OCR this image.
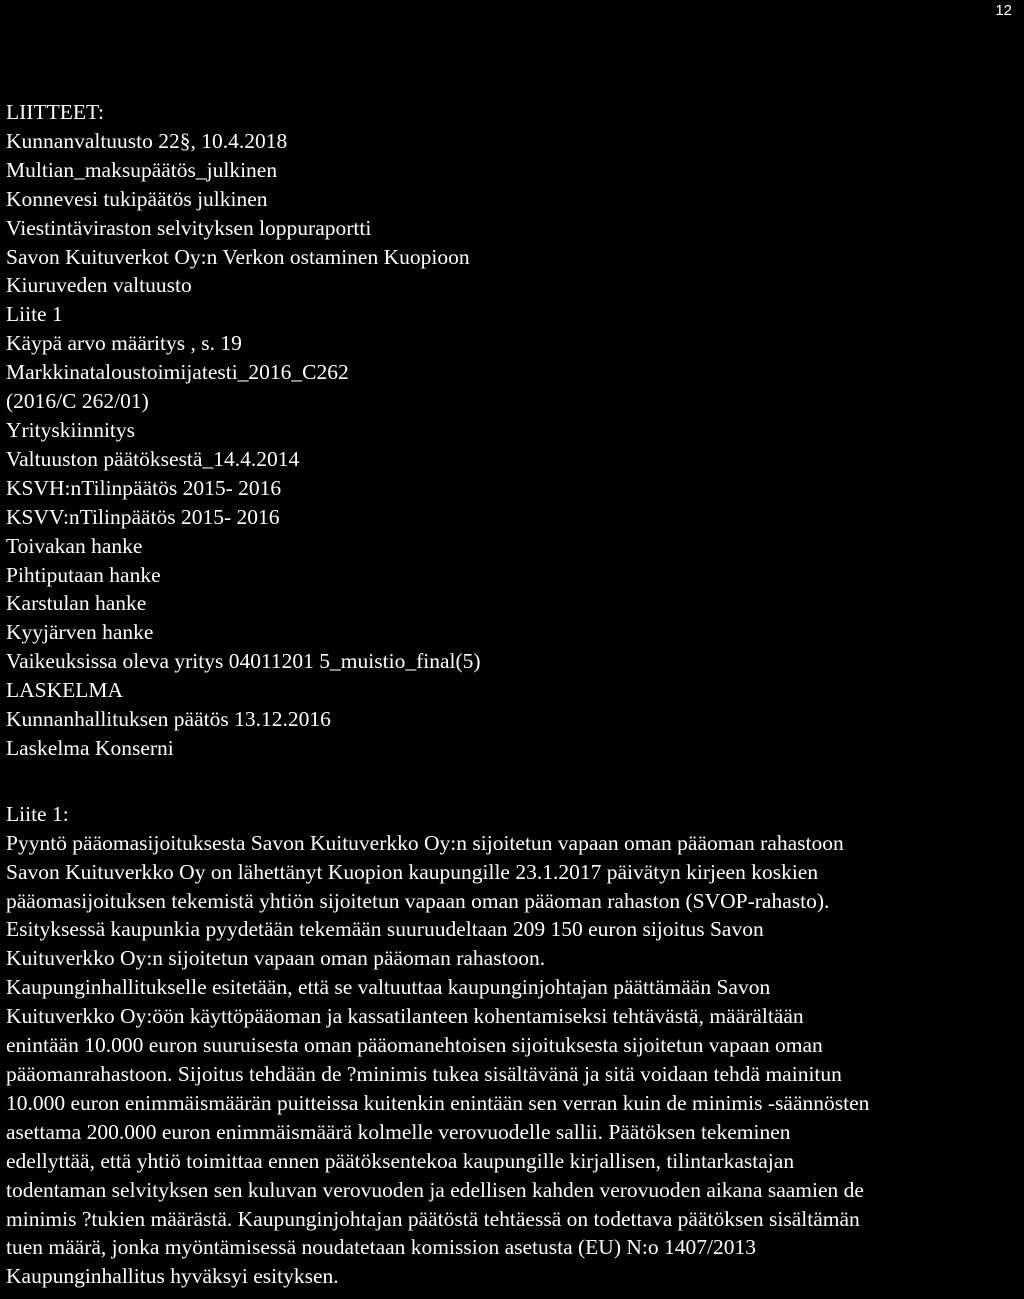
12
LIITTEET:
Kunnanvaltuusto 22§, 10.4.2018
Multian_maksupäätös_julkinen
Konnevesi tukipäätös julkinen
Viestintäviraston selvityksen loppuraportti
Savon Kuituverkot Oy:n Verkon ostaminen Kuopioon
Kiuruveden valtuusto
Liite 1
Käypä arvo määritys , s. 19
Markkinataloustoimijatesti_2016_C262
(2016/C 262/01)
Yrityskiinnitys
Valtuuston päätöksestä_14.4.2014
KSVH:nTilinpäätös 2015- 2016
KSVV:nTilinpäätös 2015- 2016
Toivakan hanke
Pihtiputaan hanke
Karstulan hanke
Kyyjärven hanke
Vaikeuksissa oleva yritys 04011201 5_muistio_final(5)
LASKELMA
Kunnanhallituksen päätös 13.12.2016
Laskelma Konserni
Liite 1:
Pyyntö pääomasijoituksesta Savon Kuituverkko Oy:n sijoitetun vapaan oman pääoman rahastoon
Savon Kuituverkko Oy on lähettänyt Kuopion kaupungille 23.1.2017 päivätyn kirjeen koskien
pääomasijoituksen tekemistä yhtiön sijoitetun vapaan oman pääoman rahaston (SVOP-rahasto).
Esityksessä kaupunkia pyydetään tekemään suuruudeltaan 209 150 euron sijoitus Savon
Kuituverkko Oy:n sijoitetun vapaan oman pääoman rahastoon.
Kaupunginhallitukselle esitetään, että se valtuuttaa kaupunginjohtajan päättämään Savon
Kuituverkko Oy:öön käyttöpääoman ja kassatilanteen kohentamiseksi tehtävästä, määrältään
enintään 10.000 euron suuruisesta oman pääomanehtoisen sijoituksesta sijoitetun vapaan oman
pääomanrahastoon. Sijoitus tehdään de ?minimis tukea sisältävänä ja sitä voidaan tehdä mainitun
10.000 euron enimmäismäärän puitteissa kuitenkin enintään sen verran kuin de minimis -säännösten
asettama 200.000 euron enimmäismäärä kolmelle verovuodelle sallii. Päätöksen tekeminen
edellyttää, että yhtiö toimittaa ennen päätöksentekoa kaupungille kirjallisen, tilintarkastajan
todentaman selvityksen sen kuluvan verovuoden ja edellisen kahden verovuoden aikana saamien de
minimis ?tukien määrästä. Kaupunginjohtajan päätöstä tehtäessä on todettava päätöksen sisältämän
tuen määrä, jonka myöntämisessä noudatetaan komission asetusta (EU) N:o 1407/2013
Kaupunginhallitus hyväksyi esityksen.
